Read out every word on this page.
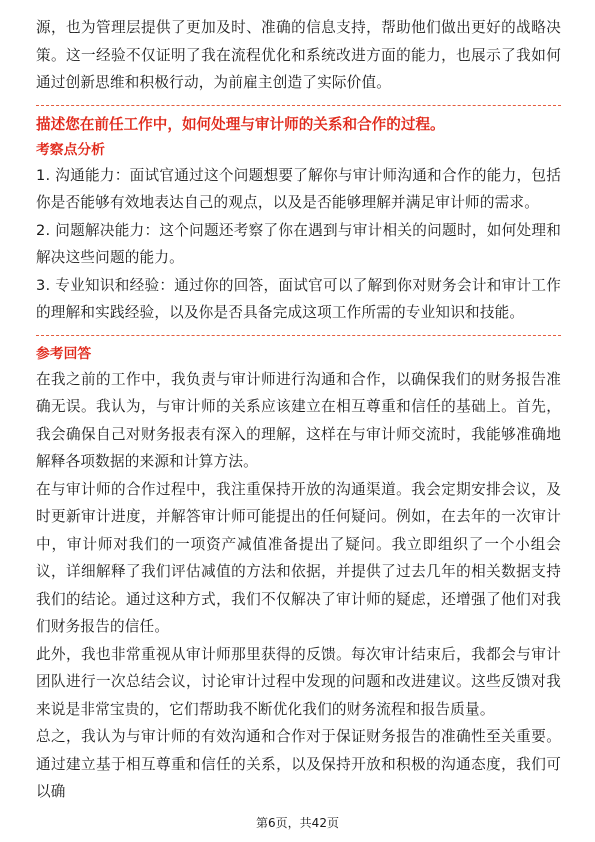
源，也为管理层提供了更加及时、准确的信息支持，帮助他们做出更好的战略决策。这一经验不仅证明了我在流程优化和系统改进方面的能力，也展示了我如何通过创新思维和积极行动，为前雇主创造了实际价值。

描述您在前任工作中，如何处理与审计师的关系和合作的过程。

考察点分析

1. 沟通能力：面试官通过这个问题想要了解你与审计师沟通和合作的能力，包括你是否能够有效地表达自己的观点，以及是否能够理解并满足审计师的需求。

2. 问题解决能力：这个问题还考察了你在遇到与审计相关的问题时，如何处理和解决这些问题的能力。

3. 专业知识和经验：通过你的回答，面试官可以了解到你对财务会计和审计工作的理解和实践经验，以及你是否具备完成这项工作所需的专业知识和技能。

参考回答

在我之前的工作中，我负责与审计师进行沟通和合作，以确保我们的财务报告准确无误。我认为，与审计师的关系应该建立在相互尊重和信任的基础上。首先，我会确保自己对财务报表有深入的理解，这样在与审计师交流时，我能够准确地解释各项数据的来源和计算方法。

在与审计师的合作过程中，我注重保持开放的沟通渠道。我会定期安排会议，及时更新审计进度，并解答审计师可能提出的任何疑问。例如，在去年的一次审计中，审计师对我们的一项资产减值准备提出了疑问。我立即组织了一个小组会议，详细解释了我们评估减值的方法和依据，并提供了过去几年的相关数据支持我们的结论。通过这种方式，我们不仅解决了审计师的疑虑，还增强了他们对我们财务报告的信任。

此外，我也非常重视从审计师那里获得的反馈。每次审计结束后，我都会与审计团队进行一次总结会议，讨论审计过程中发现的问题和改进建议。这些反馈对我来说是非常宝贵的，它们帮助我不断优化我们的财务流程和报告质量。

总之，我认为与审计师的有效沟通和合作对于保证财务报告的准确性至关重要。通过建立基于相互尊重和信任的关系，以及保持开放和积极的沟通态度，我们可以确

第6页，共42页
